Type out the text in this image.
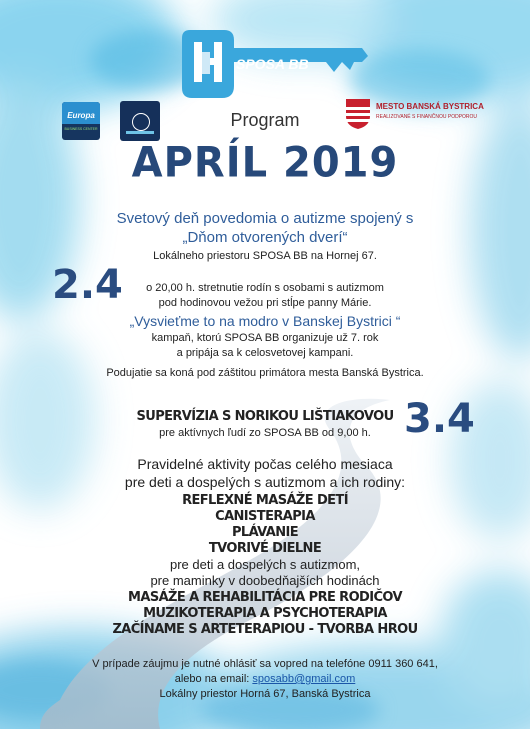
SPOSA BB
Europa
BUSINESS CENTER
MESTO BANSKÁ BYSTRICA
REALIZOVANÉ S FINANČNOU PODPOROU
Program
APRÍL 2019
2.4
Svetový deň povedomia o autizme spojený s
„Dňom otvorených dverí“
Lokálneho priestoru SPOSA BB na Hornej 67.
o 20,00 h. stretnutie rodín s osobami s autizmom
pod hodinovou vežou pri stĺpe panny Márie.
„Vysvieťme to na modro v Banskej Bystrici “
kampaň, ktorú SPOSA BB organizuje už 7. rok
a pripája sa k celosvetovej kampani.
Podujatie sa koná pod záštitou primátora mesta Banská Bystrica.
3.4
SUPERVÍZIA S NORIKOU LIŠTIAKOVOU
pre aktívnych ľudí zo SPOSA BB od 9,00 h.
Pravidelné aktivity počas celého mesiaca
pre deti a dospelých s autizmom a ich rodiny:
REFLEXNÉ MASÁŽE DETÍ
CANISTERAPIA
PLÁVANIE
TVORIVÉ DIELNE
pre deti a dospelých s autizmom,
pre maminky v doobedňajších hodinách
MASÁŽE A REHABILITÁCIA PRE RODIČOV
MUZIKOTERAPIA A PSYCHOTERAPIA
ZAČÍNAME S ARTETERAPIOU - TVORBA HROU
V prípade záujmu je nutné ohlásiť sa vopred na telefóne 0911 360 641,
alebo na email: sposabb@gmail.com
Lokálny priestor Horná 67, Banská Bystrica
